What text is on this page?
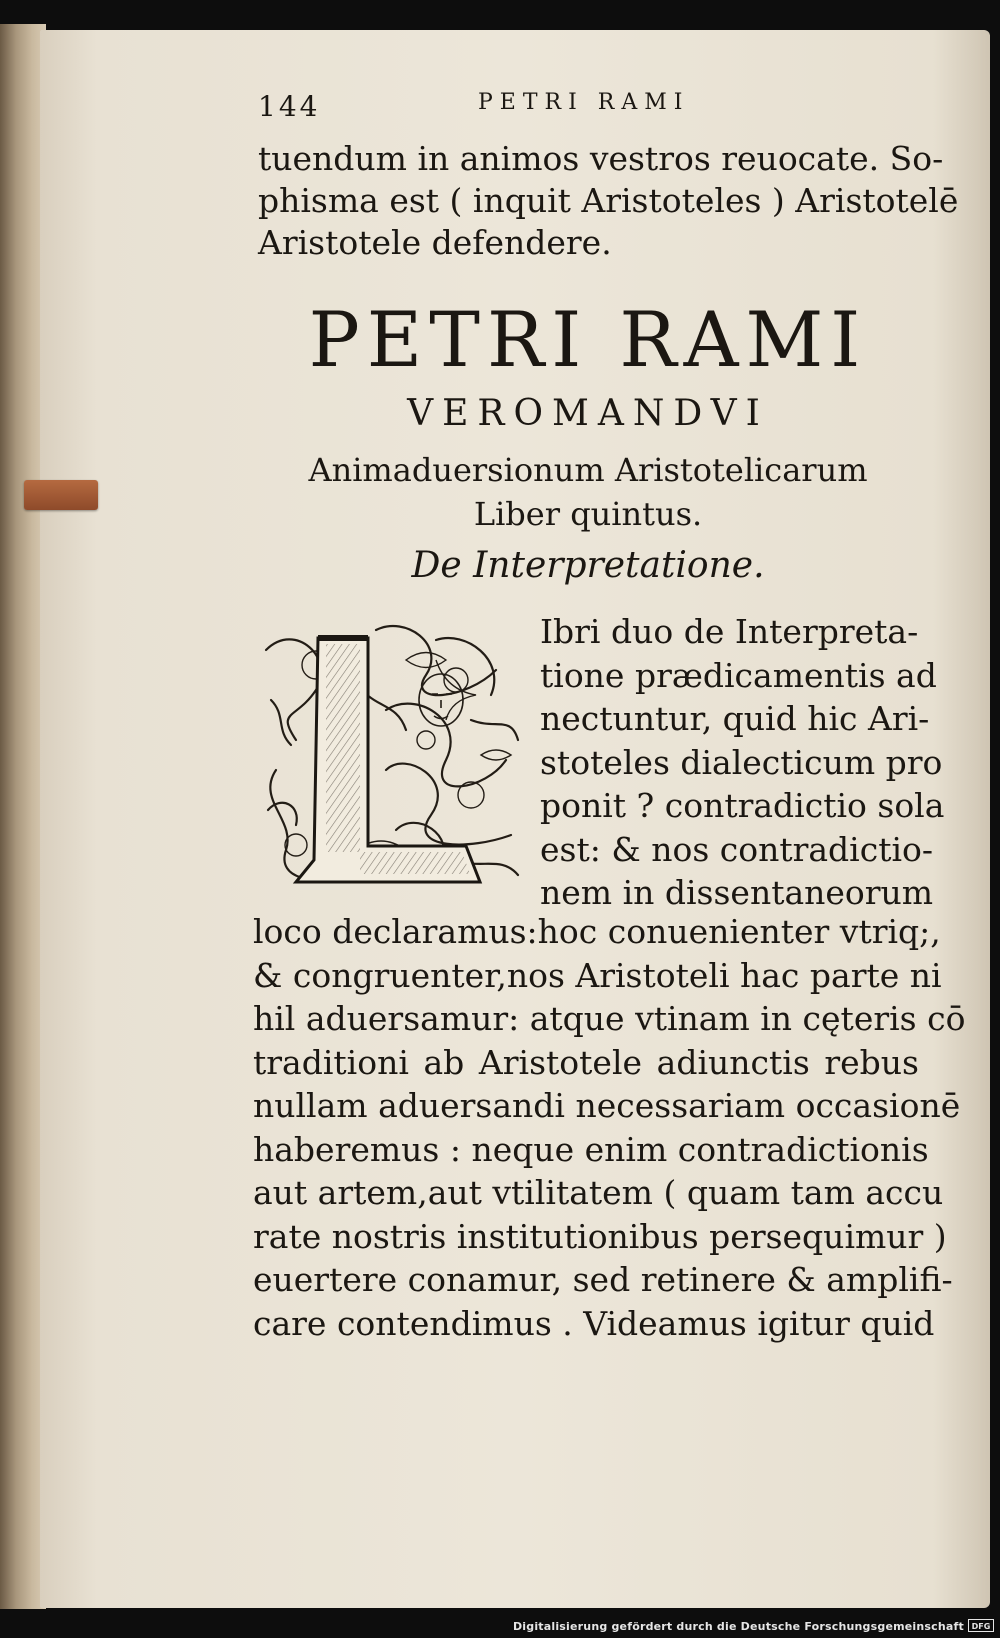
144	PETRI RAMI
tuendum in animos vestros reuocate. So-
phisma est ( inquit Aristoteles ) Aristotelē
Aristotele defendere.
PETRI RAMI
VEROMANDVI
Animaduersionum Aristotelicarum
Liber quintus.
De Interpretatione.
Ibri duo de Interpreta-
tione prædicamentis ad
nectuntur, quid hic Ari-
stoteles dialecticum pro
ponit ? contradictio sola
est: & nos contradictio-
nem in dissentaneorum
loco declaramus:hoc conuenienter vtriq;,
& congruenter,nos Aristoteli hac parte ni
hil aduersamur: atque vtinam in cęteris cō
traditioni ab Aristotele adiunctis rebus
nullam aduersandi necessariam occasionē
haberemus : neque enim contradictionis
aut artem,aut vtilitatem ( quam tam accu
rate nostris institutionibus persequimur )
euertere conamur, sed retinere & amplifi-
care contendimus . Videamus igitur quid
Digitalisierung gefördert durch die Deutsche Forschungsgemeinschaft DFG
